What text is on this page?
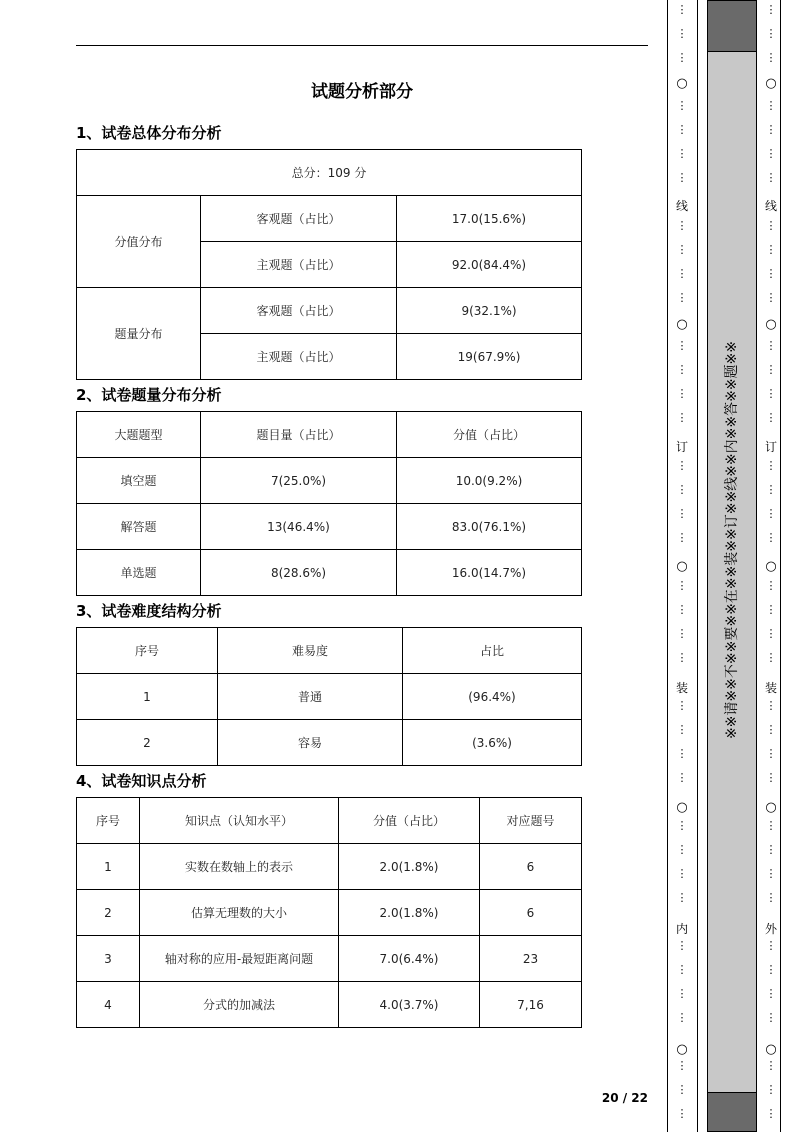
试题分析部分
1、试卷总体分布分析
总分：109 分		
分值分布	客观题（占比）	17.0(15.6%)
	主观题（占比）	92.0(84.4%)
题量分布	客观题（占比）	9(32.1%)
	主观题（占比）	19(67.9%)
2、试卷题量分布分析
大题题型	题目量（占比）	分值（占比）
填空题	7(25.0%)	10.0(9.2%)
解答题	13(46.4%)	83.0(76.1%)
单选题	8(28.6%)	16.0(14.7%)
3、试卷难度结构分析
序号	难易度	占比
1	普通	(96.4%)
2	容易	(3.6%)
4、试卷知识点分析
序号	知识点（认知水平）	分值（占比）	对应题号
1	实数在数轴上的表示	2.0(1.8%)	6
2	估算无理数的大小	2.0(1.8%)	6
3	轴对称的应用-最短距离问题	7.0(6.4%)	23
4	分式的加减法	4.0(3.7%)	7,16
20 / 22
※※请※※不※※要※※在※※装※※订※※线※※内※※答※※题※※
○
○
○
○
○
线
订
装
内
⋮
⋮
⋮
⋮
⋮
⋮
⋮
⋮
⋮
⋮
⋮
⋮
⋮
⋮
⋮
⋮
⋮
⋮
⋮
⋮
⋮
⋮
⋮
⋮
⋮
⋮
⋮
⋮
⋮
⋮
⋮
⋮
⋮
⋮
⋮
⋮
⋮
⋮
○
○
○
○
○
线
订
装
外
⋮
⋮
⋮
⋮
⋮
⋮
⋮
⋮
⋮
⋮
⋮
⋮
⋮
⋮
⋮
⋮
⋮
⋮
⋮
⋮
⋮
⋮
⋮
⋮
⋮
⋮
⋮
⋮
⋮
⋮
⋮
⋮
⋮
⋮
⋮
⋮
⋮
⋮
